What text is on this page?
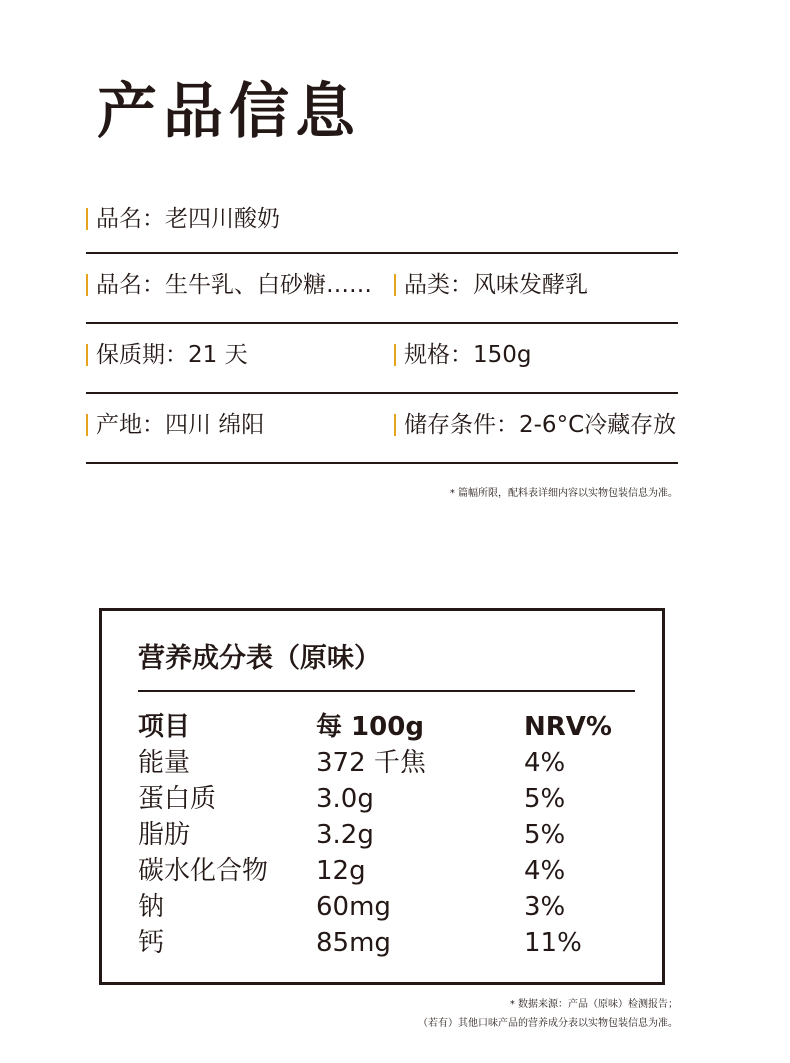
产品信息
品名：老四川酸奶
品名：生牛乳、白砂糖……	品类：风味发酵乳
保质期：21 天	规格：150g
产地：四川 绵阳	储存条件：2-6°C冷藏存放
* 篇幅所限，配料表详细内容以实物包装信息为准。
营养成分表（原味）
项目	每 100g	NRV%
能量	372 千焦	4%
蛋白质	3.0g	5%
脂肪	3.2g	5%
碳水化合物	12g	4%
钠	60mg	3%
钙	85mg	11%
* 数据来源：产品（原味）检测报告；
（若有）其他口味产品的营养成分表以实物包装信息为准。
